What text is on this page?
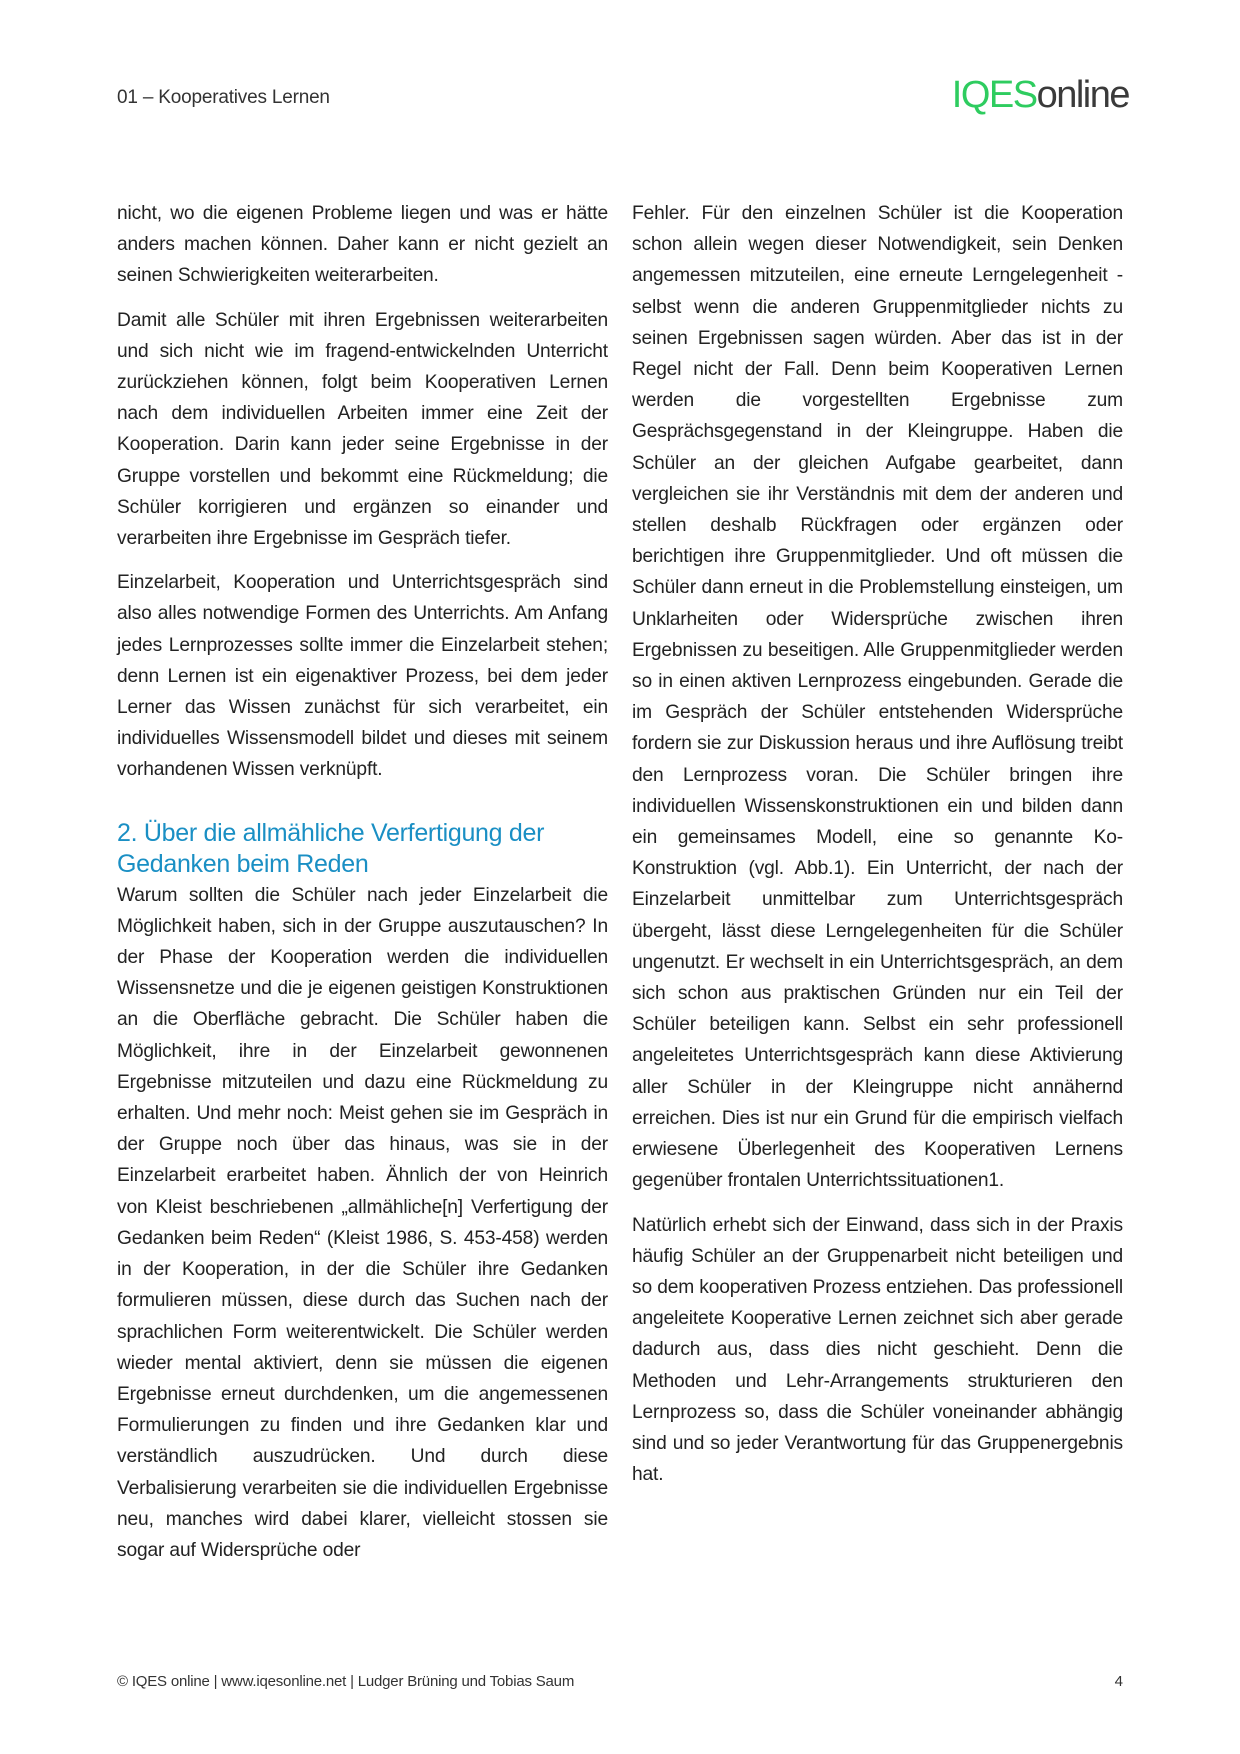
01 – Kooperatives Lernen	IQESonline

nicht, wo die eigenen Probleme liegen und was er hätte anders machen können. Daher kann er nicht gezielt an seinen Schwierigkeiten weiterarbeiten.

Damit alle Schüler mit ihren Ergebnissen weiterarbeiten und sich nicht wie im fragend-entwickelnden Unterricht zurückziehen können, folgt beim Kooperativen Lernen nach dem individuellen Arbeiten immer eine Zeit der Kooperation. Darin kann jeder seine Ergebnisse in der Gruppe vorstellen und bekommt eine Rückmeldung; die Schüler korrigieren und ergänzen so einander und verarbeiten ihre Ergebnisse im Gespräch tiefer.

Einzelarbeit, Kooperation und Unterrichtsgespräch sind also alles notwendige Formen des Unterrichts. Am Anfang jedes Lernprozesses sollte immer die Einzelarbeit stehen; denn Lernen ist ein eigenaktiver Prozess, bei dem jeder Lerner das Wissen zunächst für sich verarbeitet, ein individuelles Wissensmodell bildet und dieses mit seinem vorhandenen Wissen verknüpft.

2. Über die allmähliche Verfertigung der Gedanken beim Reden

Warum sollten die Schüler nach jeder Einzelarbeit die Möglichkeit haben, sich in der Gruppe auszutauschen? In der Phase der Kooperation werden die individuellen Wissensnetze und die je eigenen geistigen Konstruktionen an die Oberfläche gebracht. Die Schüler haben die Möglichkeit, ihre in der Einzelarbeit gewonnenen Ergebnisse mitzuteilen und dazu eine Rückmeldung zu erhalten. Und mehr noch: Meist gehen sie im Gespräch in der Gruppe noch über das hinaus, was sie in der Einzelarbeit erarbeitet haben. Ähnlich der von Heinrich von Kleist beschriebenen „allmähliche[n] Verfertigung der Gedanken beim Reden“ (Kleist 1986, S. 453-458) werden in der Kooperation, in der die Schüler ihre Gedanken formulieren müssen, diese durch das Suchen nach der sprachlichen Form weiterentwickelt. Die Schüler werden wieder mental aktiviert, denn sie müssen die eigenen Ergebnisse erneut durchdenken, um die angemessenen Formulierungen zu finden und ihre Gedanken klar und verständlich auszudrücken. Und durch diese Verbalisierung verarbeiten sie die individuellen Ergebnisse neu, manches wird dabei klarer, vielleicht stossen sie sogar auf Widersprüche oder

Fehler. Für den einzelnen Schüler ist die Kooperation schon allein wegen dieser Notwendigkeit, sein Denken angemessen mitzuteilen, eine erneute Lerngelegenheit - selbst wenn die anderen Gruppenmitglieder nichts zu seinen Ergebnissen sagen würden. Aber das ist in der Regel nicht der Fall. Denn beim Kooperativen Lernen werden die vorgestellten Ergebnisse zum Gesprächsgegenstand in der Kleingruppe. Haben die Schüler an der gleichen Aufgabe gearbeitet, dann vergleichen sie ihr Verständnis mit dem der anderen und stellen deshalb Rückfragen oder ergänzen oder berichtigen ihre Gruppenmitglieder. Und oft müssen die Schüler dann erneut in die Problemstellung einsteigen, um Unklarheiten oder Widersprüche zwischen ihren Ergebnissen zu beseitigen. Alle Gruppenmitglieder werden so in einen aktiven Lernprozess eingebunden. Gerade die im Gespräch der Schüler entstehenden Widersprüche fordern sie zur Diskussion heraus und ihre Auflösung treibt den Lernprozess voran. Die Schüler bringen ihre individuellen Wissenskonstruktionen ein und bilden dann ein gemeinsames Modell, eine so genannte Ko-Konstruktion (vgl. Abb.1). Ein Unterricht, der nach der Einzelarbeit unmittelbar zum Unterrichtsgespräch übergeht, lässt diese Lerngelegenheiten für die Schüler ungenutzt. Er wechselt in ein Unterrichtsgespräch, an dem sich schon aus praktischen Gründen nur ein Teil der Schüler beteiligen kann. Selbst ein sehr professionell angeleitetes Unterrichtsgespräch kann diese Aktivierung aller Schüler in der Kleingruppe nicht annähernd erreichen. Dies ist nur ein Grund für die empirisch vielfach erwiesene Überlegenheit des Kooperativen Lernens gegenüber frontalen Unterrichtssituationen1.

Natürlich erhebt sich der Einwand, dass sich in der Praxis häufig Schüler an der Gruppenarbeit nicht beteiligen und so dem kooperativen Prozess entziehen. Das professionell angeleitete Kooperative Lernen zeichnet sich aber gerade dadurch aus, dass dies nicht geschieht. Denn die Methoden und Lehr-Arrangements strukturieren den Lernprozess so, dass die Schüler voneinander abhängig sind und so jeder Verantwortung für das Gruppenergebnis hat.

© IQES online | www.iqesonline.net | Ludger Brüning und Tobias Saum	4
